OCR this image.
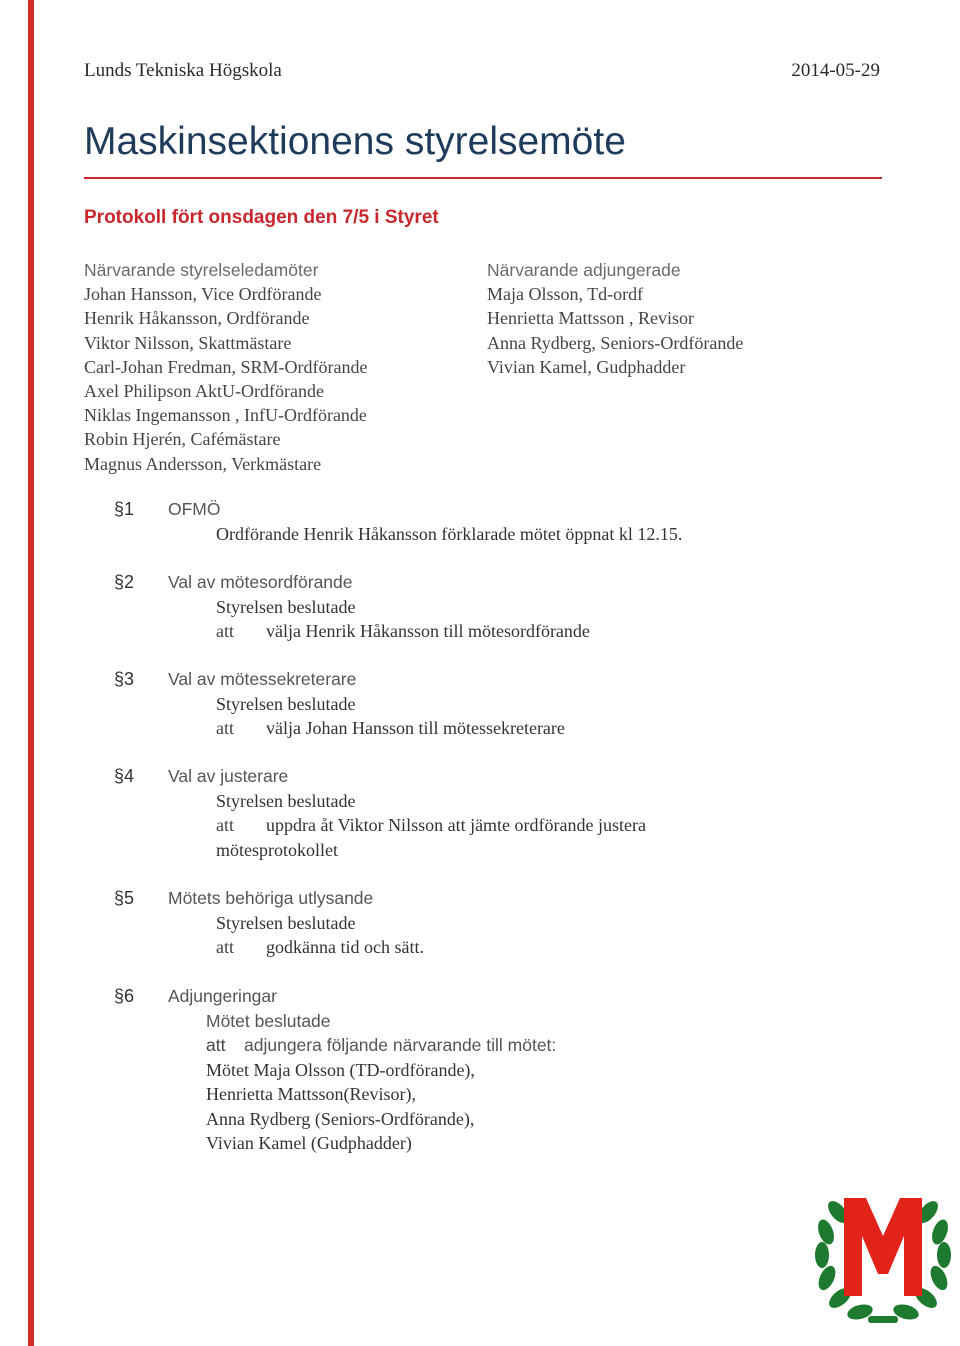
Lunds Tekniska Högskola	2014-05-29
Maskinsektionens styrelsemöte
Protokoll fört onsdagen den 7/5 i Styret
Närvarande styrelseledamöter
Johan Hansson, Vice Ordförande
Henrik Håkansson, Ordförande
Viktor Nilsson, Skattmästare
Carl-Johan Fredman, SRM-Ordförande
Axel Philipson AktU-Ordförande
Niklas Ingemansson , InfU-Ordförande
Robin Hjerén, Cafémästare
Magnus Andersson, Verkmästare
Närvarande adjungerade
Maja Olsson, Td-ordf
Henrietta Mattsson , Revisor
Anna Rydberg, Seniors-Ordförande
Vivian Kamel, Gudphadder
§1 OFMÖ
Ordförande Henrik Håkansson förklarade mötet öppnat kl 12.15.
§2 Val av mötesordförande
Styrelsen beslutade
att välja Henrik Håkansson till mötesordförande
§3 Val av mötessekreterare
Styrelsen beslutade
att välja Johan Hansson till mötessekreterare
§4 Val av justerare
Styrelsen beslutade
att uppdra åt Viktor Nilsson att jämte ordförande justera
mötesprotokollet
§5 Mötets behöriga utlysande
Styrelsen beslutade
att godkänna tid och sätt.
§6 Adjungeringar
Mötet beslutade
att adjungera följande närvarande till mötet:
Mötet Maja Olsson (TD-ordförande),
Henrietta Mattsson(Revisor),
Anna Rydberg (Seniors-Ordförande),
Vivian Kamel (Gudphadder)
